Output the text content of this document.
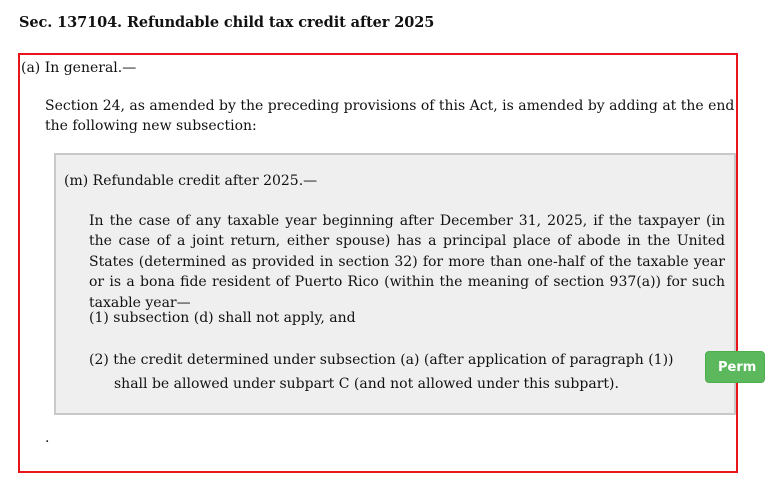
Sec. 137104. Refundable child tax credit after 2025
(a) In general.—
Section 24, as amended by the preceding provisions of this Act, is amended by adding at the end the following new subsection:
(m) Refundable credit after 2025.—
In the case of any taxable year beginning after December 31, 2025, if the taxpayer (in the case of a joint return, either spouse) has a principal place of abode in the United States (determined as provided in section 32) for more than one-half of the taxable year or is a bona fide resident of Puerto Rico (within the meaning of section 937(a)) for such taxable year—
(1) subsection (d) shall not apply, and
(2) the credit determined under subsection (a) (after application of paragraph (1)) shall be allowed under subpart C (and not allowed under this subpart).
.
Perm
